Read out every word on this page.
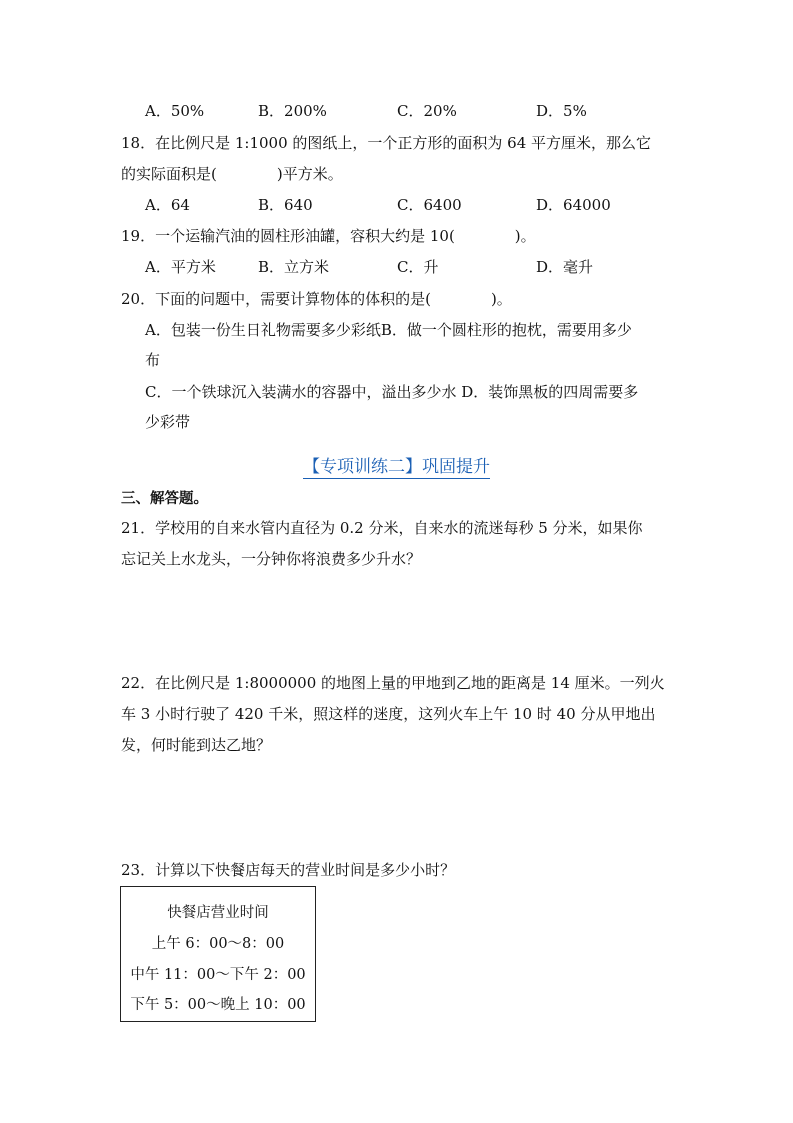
A．50%	B．200%	C．20%	D．5%
18．在比例尺是 1:1000 的图纸上，一个正方形的面积为 64 平方厘米，那么它
的实际面积是(　　　　)平方米。
A．64	B．640	C．6400	D．64000
19．一个运输汽油的圆柱形油罐，容积大约是 10(　　　　)。
A．平方米	B．立方米	C．升	D．毫升
20．下面的问题中，需要计算物体的体积的是(　　　　)。
A．包装一份生日礼物需要多少彩纸B．做一个圆柱形的抱枕，需要用多少
布
C．一个铁球沉入装满水的容器中，溢出多少水 D．装饰黑板的四周需要多
少彩带
【专项训练二】巩固提升
三、解答题。
21．学校用的自来水管内直径为 0.2 分米，自来水的流迷每秒 5 分米，如果你
忘记关上水龙头，一分钟你将浪费多少升水？
22．在比例尺是 1:8000000 的地图上量的甲地到乙地的距离是 14 厘米。一列火
车 3 小时行驶了 420 千米，照这样的迷度，这列火车上午 10 时 40 分从甲地出
发，何时能到达乙地？
23．计算以下快餐店每天的营业时间是多少小时？
快餐店营业时间
上午 6：00～8：00
中午 11：00～下午 2：00
下午 5：00～晚上 10：00
